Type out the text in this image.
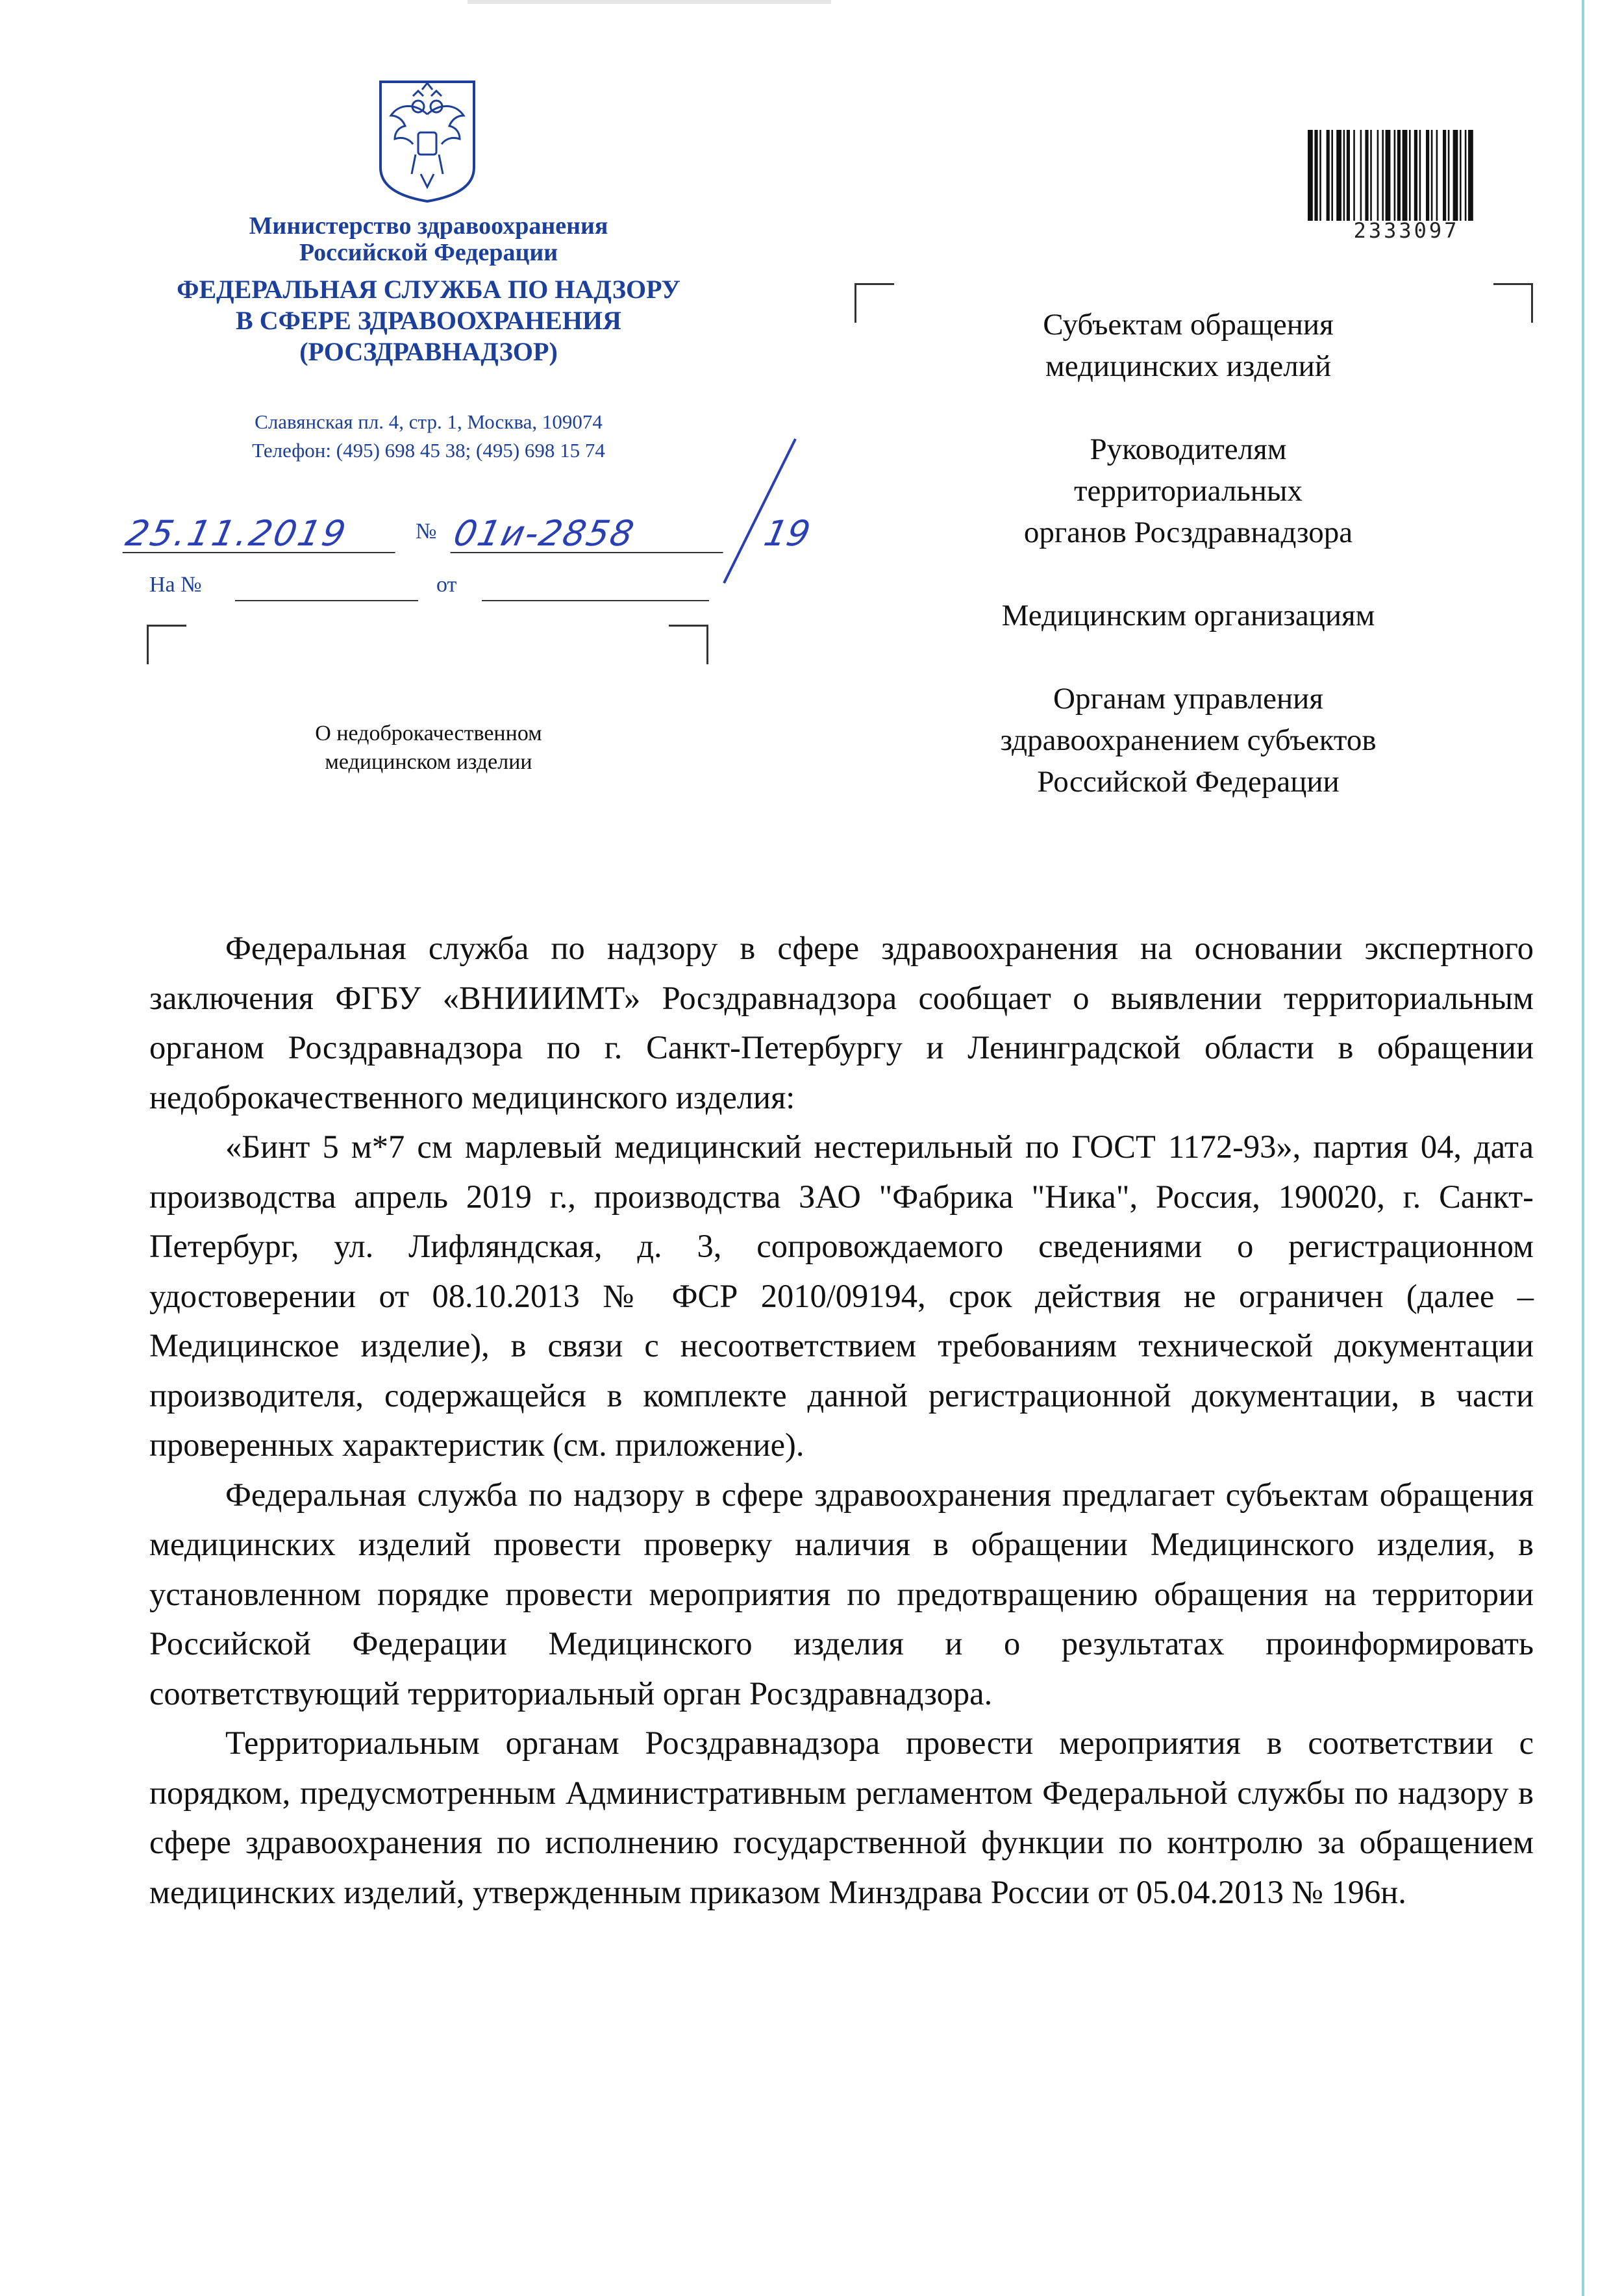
Министерство здравоохранения
Российской Федерации
ФЕДЕРАЛЬНАЯ СЛУЖБА ПО НАДЗОРУ
В СФЕРЕ ЗДРАВООХРАНЕНИЯ
(РОСЗДРАВНАДЗОР)
Славянская пл. 4, стр. 1, Москва, 109074
Телефон: (495) 698 45 38; (495) 698 15 74
25.11.2019	№ 01и-2858	19
На №	от
О недоброкачественном
медицинском изделии
2333097
Субъектам обращения
медицинских изделий
Руководителям
территориальных
органов Росздравнадзора
Медицинским организациям
Органам управления
здравоохранением субъектов
Российской Федерации

Федеральная служба по надзору в сфере здравоохранения на основании экспертного заключения ФГБУ «ВНИИИМТ» Росздравнадзора сообщает о выявлении территориальным органом Росздравнадзора по г. Санкт-Петербургу и Ленинградской области в обращении недоброкачественного медицинского изделия:

«Бинт 5 м*7 см марлевый медицинский нестерильный по ГОСТ 1172-93», партия 04, дата производства апрель 2019 г., производства ЗАО "Фабрика "Ника", Россия, 190020, г. Санкт-Петербург, ул. Лифляндская, д. 3, сопровождаемого сведениями о регистрационном удостоверении от 08.10.2013 № ФСР 2010/09194, срок действия не ограничен (далее – Медицинское изделие), в связи с несоответствием требованиям технической документации производителя, содержащейся в комплекте данной регистрационной документации, в части проверенных характеристик (см. приложение).

Федеральная служба по надзору в сфере здравоохранения предлагает субъектам обращения медицинских изделий провести проверку наличия в обращении Медицинского изделия, в установленном порядке провести мероприятия по предотвращению обращения на территории Российской Федерации Медицинского изделия и о результатах проинформировать соответствующий территориальный орган Росздравнадзора.

Территориальным органам Росздравнадзора провести мероприятия в соответствии с порядком, предусмотренным Административным регламентом Федеральной службы по надзору в сфере здравоохранения по исполнению государственной функции по контролю за обращением медицинских изделий, утвержденным приказом Минздрава России от 05.04.2013 № 196н.
